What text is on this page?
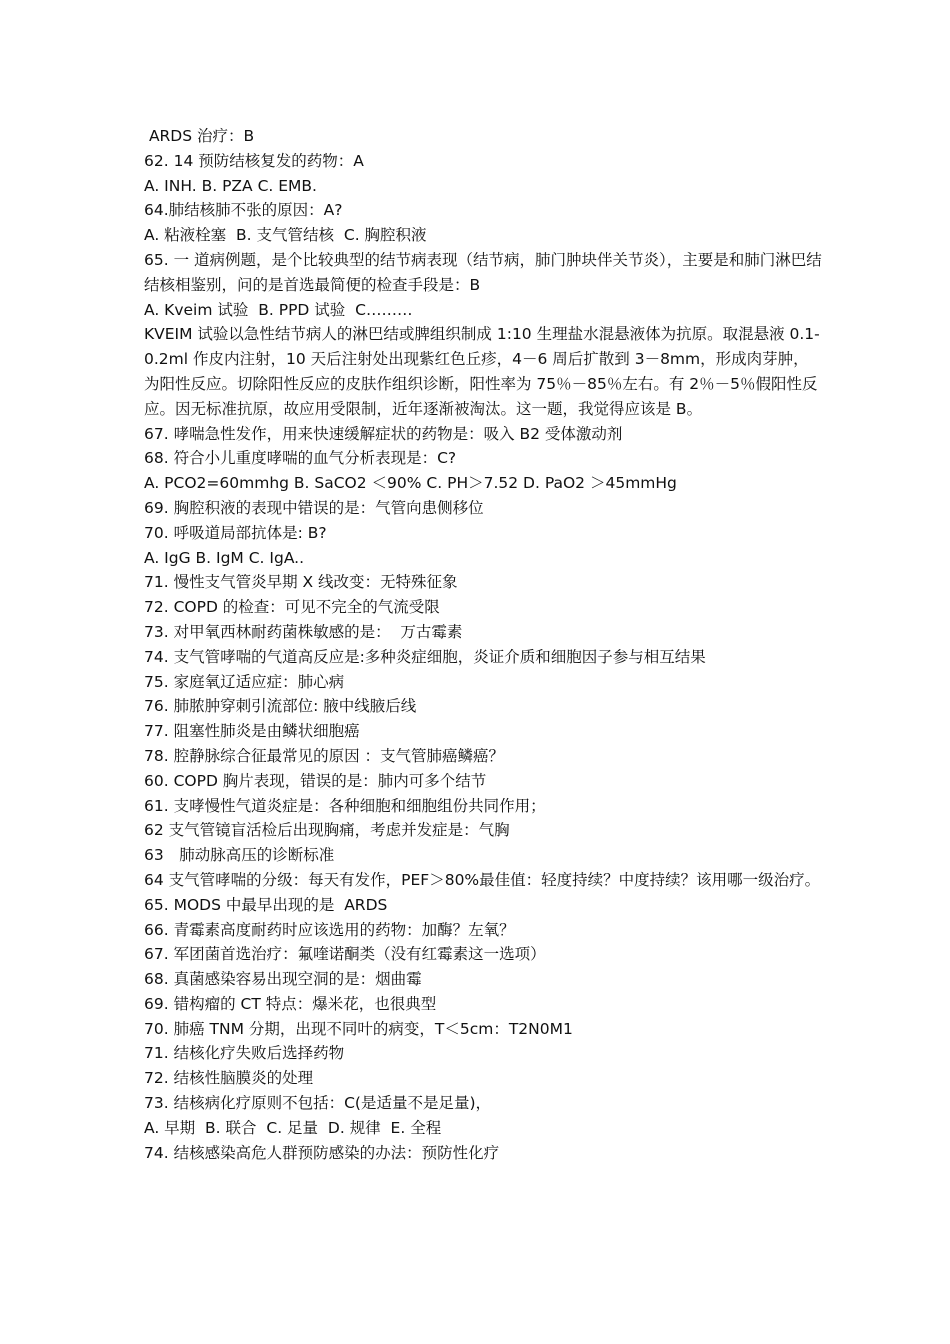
ARDS 治疗：B

62. 14 预防结核复发的药物：A

A. INH. B. PZA C. EMB.

64.肺结核肺不张的原因：A?

A. 粘液栓塞  B. 支气管结核  C. 胸腔积液

65. 一 道病例题，是个比较典型的结节病表现（结节病，肺门肿块伴关节炎），主要是和肺门淋巴结结核相鉴别，问的是首选最简便的检查手段是：B

A. Kveim 试验  B. PPD 试验  C………

KVEIM 试验以急性结节病人的淋巴结或脾组织制成 1:10 生理盐水混悬液体为抗原。取混悬液 0.1-0.2ml 作皮内注射，10 天后注射处出现紫红色丘疹，4－6 周后扩散到 3－8mm，形成肉芽肿，为阳性反应。切除阳性反应的皮肤作组织诊断，阳性率为 75％－85％左右。有 2％－5％假阳性反应。因无标准抗原，故应用受限制，近年逐渐被淘汰。这一题，我觉得应该是 B。

67. 哮喘急性发作，用来快速缓解症状的药物是：吸入 B2 受体激动剂

68. 符合小儿重度哮喘的血气分析表现是：C?

A. PCO2=60mmhg B. SaCO2 ＜90% C. PH＞7.52 D. PaO2 ＞45mmHg

69. 胸腔积液的表现中错误的是：气管向患侧移位

70. 呼吸道局部抗体是: B?

A. IgG B. IgM C. IgA..

71. 慢性支气管炎早期 X 线改变：无特殊征象

72. COPD 的检查：可见不完全的气流受限

73. 对甲氧西林耐药菌株敏感的是：  万古霉素

74. 支气管哮喘的气道高反应是:多种炎症细胞，炎证介质和细胞因子参与相互结果

75. 家庭氧辽适应症：肺心病

76. 肺脓肿穿刺引流部位: 腋中线腋后线

77. 阻塞性肺炎是由鳞状细胞癌

78. 腔静脉综合征最常见的原因 ：支气管肺癌鳞癌？

60. COPD 胸片表现，错误的是：肺内可多个结节

61. 支哮慢性气道炎症是：各种细胞和细胞组份共同作用；

62 支气管镜盲活检后出现胸痛，考虑并发症是：气胸

63　肺动脉高压的诊断标准

64 支气管哮喘的分级：每天有发作，PEF＞80%最佳值：轻度持续？中度持续？该用哪一级治疗。

65. MODS 中最早出现的是  ARDS

66. 青霉素高度耐药时应该选用的药物：加酶？左氧？

67. 军团菌首选治疗：氟喹诺酮类（没有红霉素这一选项）

68. 真菌感染容易出现空洞的是：烟曲霉

69. 错构瘤的 CT 特点：爆米花，也很典型

70. 肺癌 TNM 分期，出现不同叶的病变，T＜5cm：T2N0M1

71. 结核化疗失败后选择药物

72. 结核性脑膜炎的处理

73. 结核病化疗原则不包括：C(是适量不是足量)，

A. 早期  B. 联合  C. 足量  D. 规律  E. 全程

74. 结核感染高危人群预防感染的办法：预防性化疗
